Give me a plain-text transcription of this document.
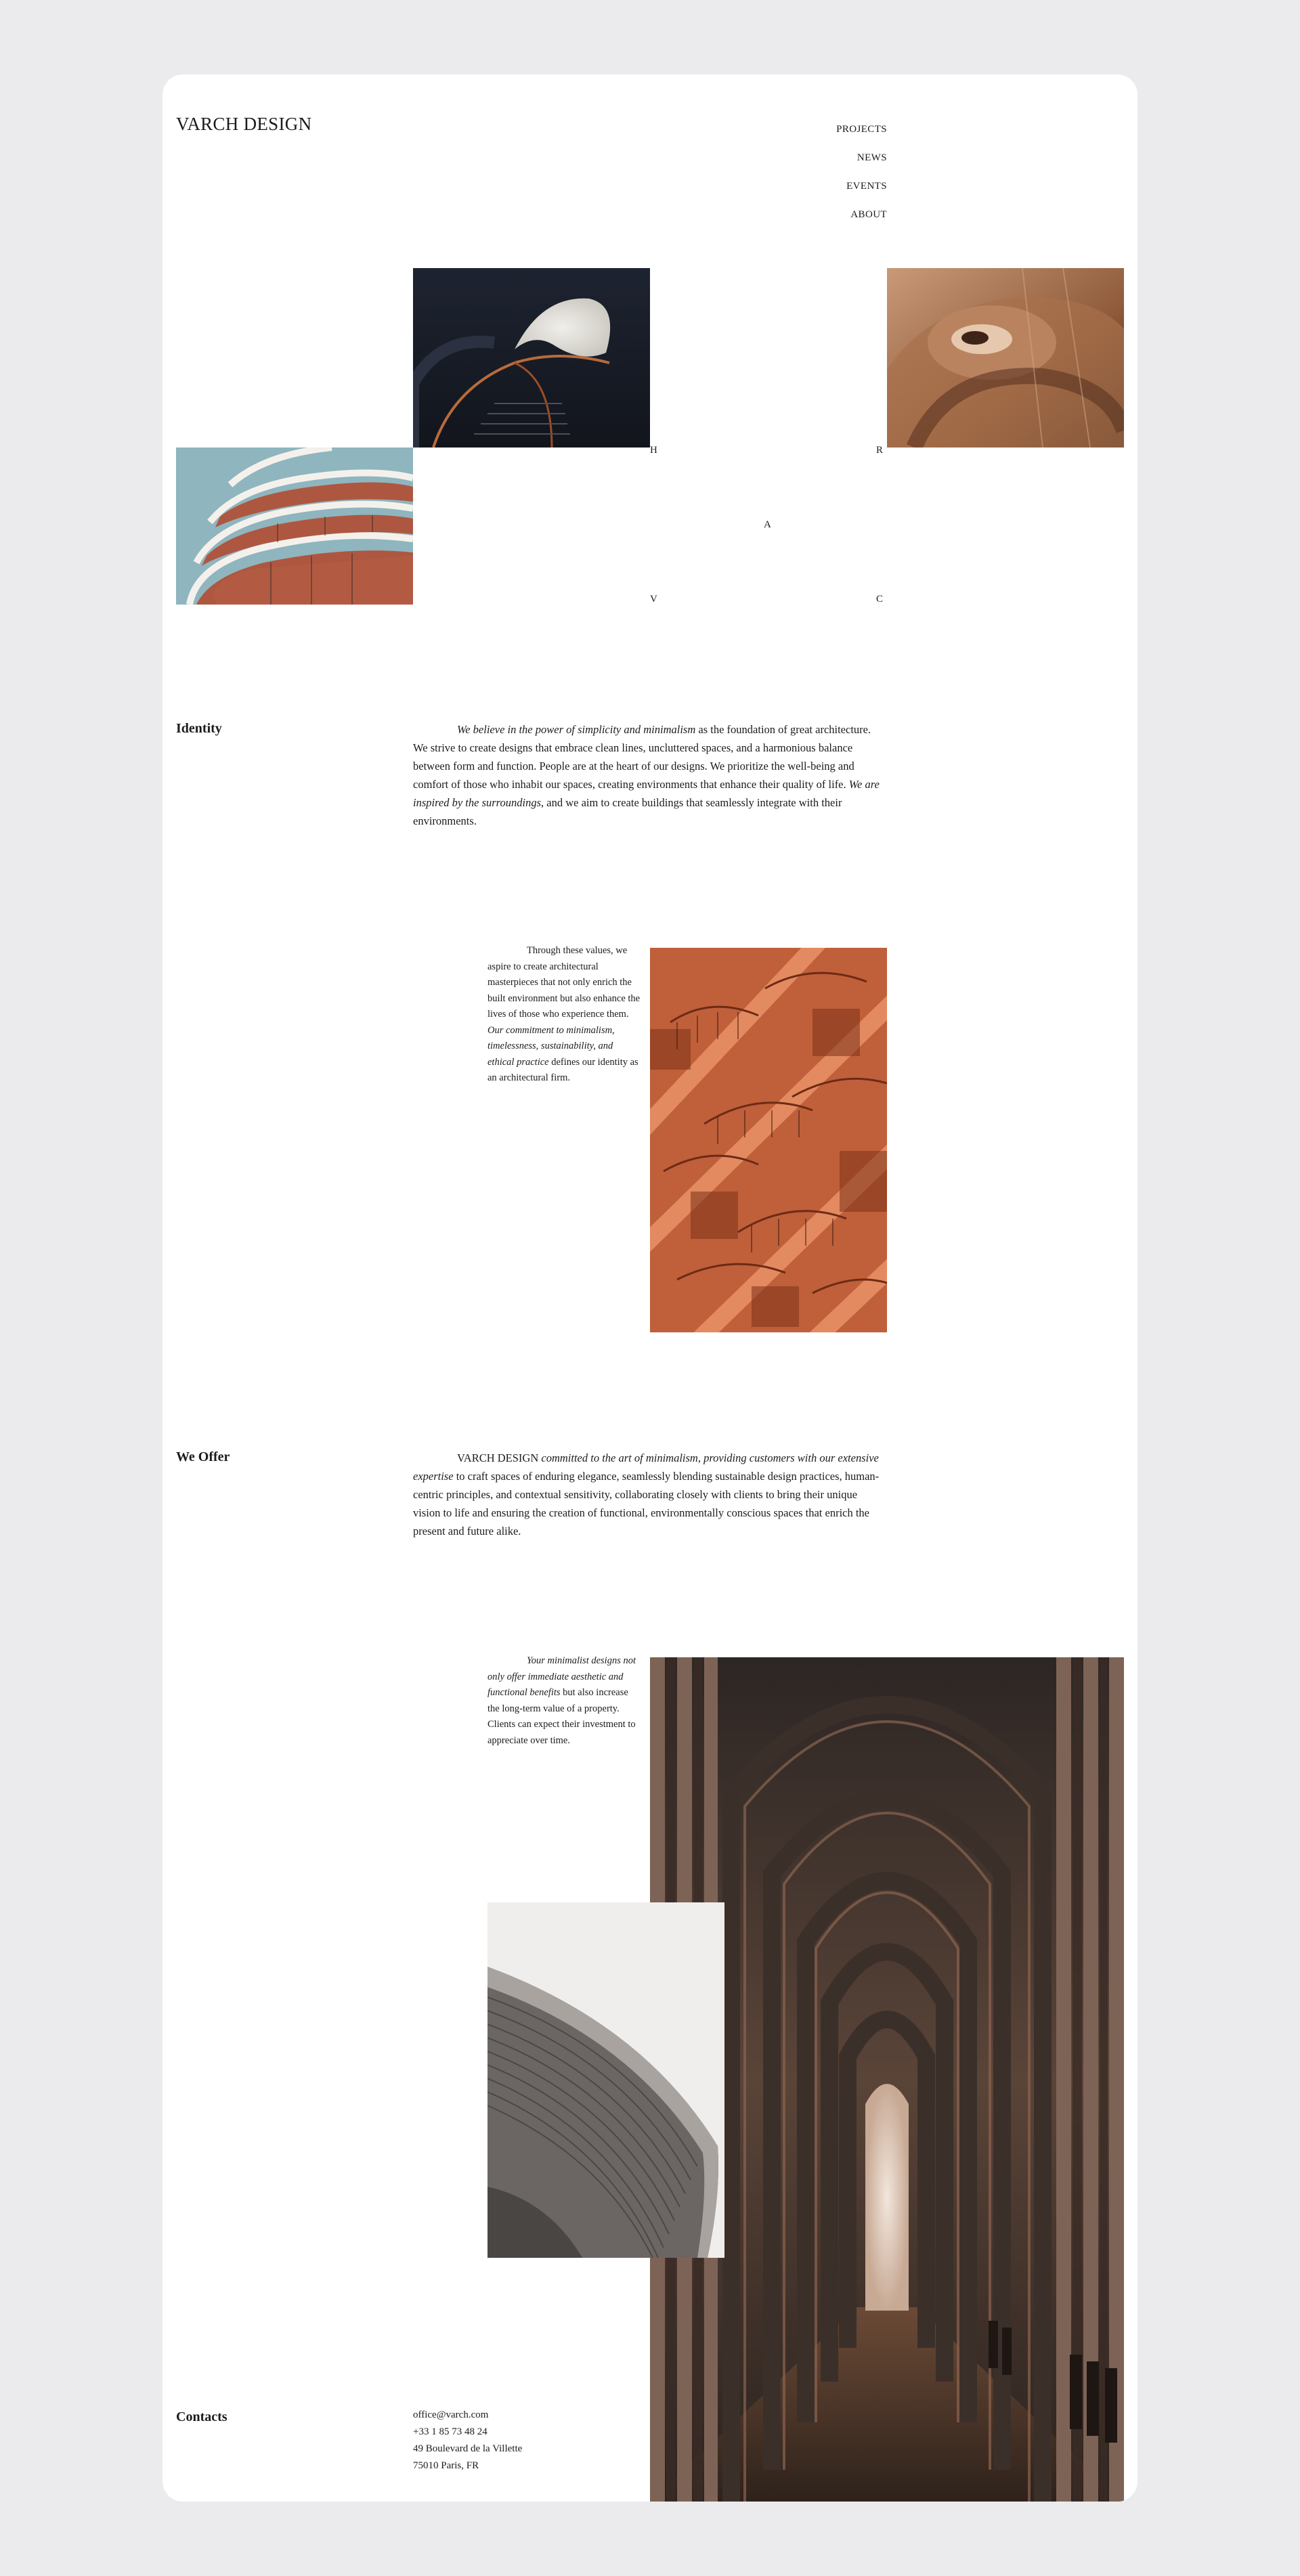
VARCH DESIGN	PROJECTS
NEWS
EVENTS
ABOUT
H	R
A
V	C
Identity	We believe in the power of simplicity and minimalism as the foundation of great architecture. We strive to create designs that embrace clean lines, uncluttered spaces, and a harmonious balance between form and function. People are at the heart of our designs. We prioritize the well-being and comfort of those who inhabit our spaces, creating environments that enhance their quality of life. We are inspired by the surroundings, and we aim to create buildings that seamlessly integrate with their environments.

Through these values, we aspire to create architectural masterpieces that not only enrich the built environment but also enhance the lives of those who experience them. Our commitment to minimalism, timelessness, sustainability, and ethical practice defines our identity as an architectural firm.

We Offer	VARCH DESIGN committed to the art of minimalism, providing customers with our extensive expertise to craft spaces of enduring elegance, seamlessly blending sustainable design practices, human-centric principles, and contextual sensitivity, collaborating closely with clients to bring their unique vision to life and ensuring the creation of functional, environmentally conscious spaces that enrich the present and future alike.

Your minimalist designs not only offer immediate aesthetic and functional benefits but also increase the long-term value of a property. Clients can expect their investment to appreciate over time.

Contacts	office@varch.com
+33 1 85 73 48 24
49 Boulevard de la Villette
75010 Paris, FR
